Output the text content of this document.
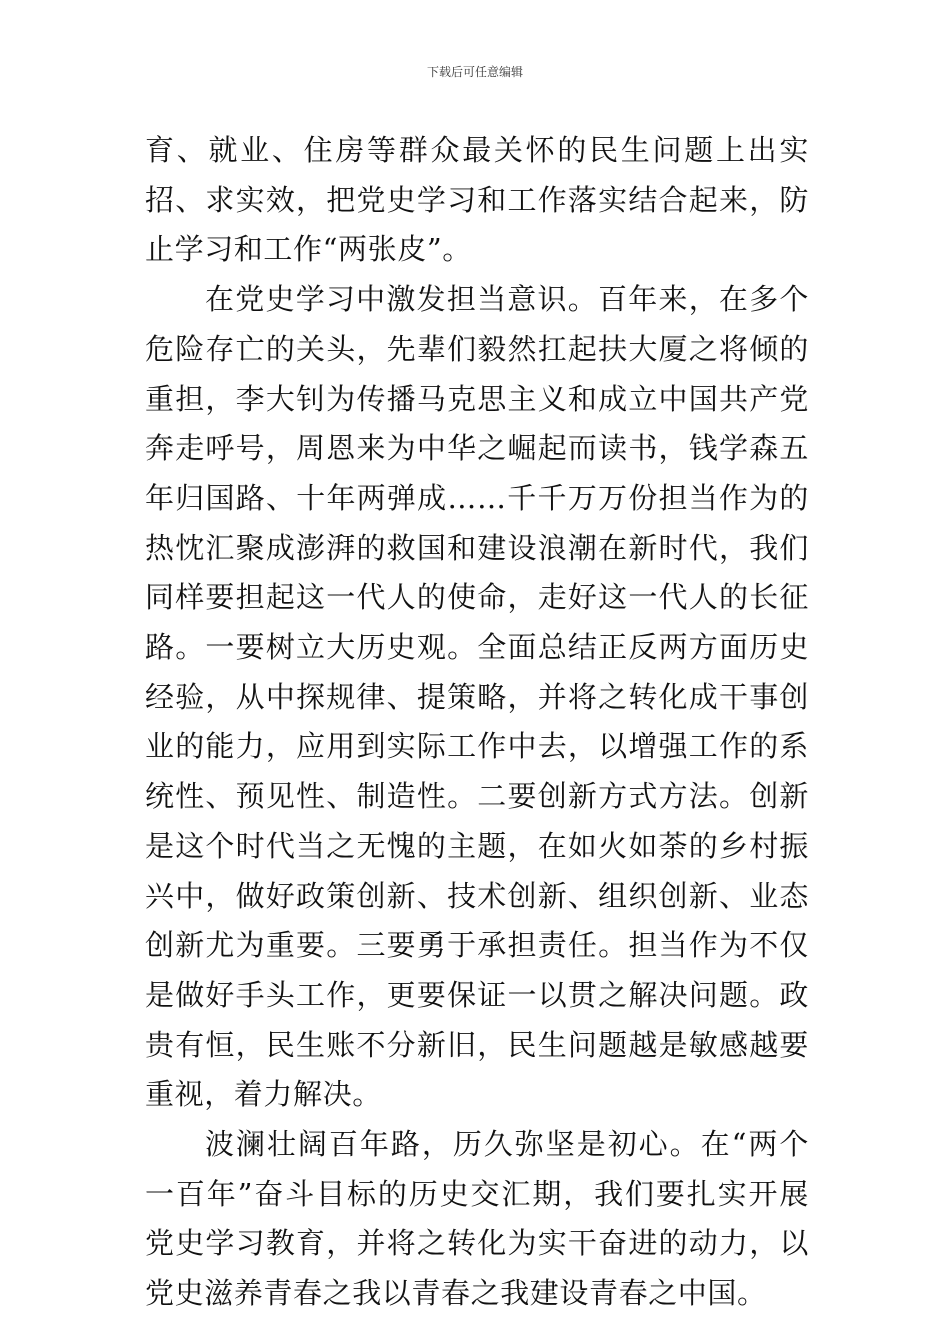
下载后可任意编辑

育、就业、住房等群众最关怀的民生问题上出实招、求实效，把党史学习和工作落实结合起来，防止学习和工作“两张皮”。

在党史学习中激发担当意识。百年来，在多个危险存亡的关头，先辈们毅然扛起扶大厦之将倾的重担，李大钊为传播马克思主义和成立中国共产党奔走呼号，周恩来为中华之崛起而读书，钱学森五年归国路、十年两弹成……千千万万份担当作为的热忱汇聚成澎湃的救国和建设浪潮在新时代，我们同样要担起这一代人的使命，走好这一代人的长征路。一要树立大历史观。全面总结正反两方面历史经验，从中探规律、提策略，并将之转化成干事创业的能力，应用到实际工作中去，以增强工作的系统性、预见性、制造性。二要创新方式方法。创新是这个时代当之无愧的主题，在如火如荼的乡村振兴中，做好政策创新、技术创新、组织创新、业态创新尤为重要。三要勇于承担责任。担当作为不仅是做好手头工作，更要保证一以贯之解决问题。政贵有恒，民生账不分新旧，民生问题越是敏感越要重视，着力解决。

波澜壮阔百年路，历久弥坚是初心。在“两个一百年”奋斗目标的历史交汇期，我们要扎实开展党史学习教育，并将之转化为实干奋进的动力，以党史滋养青春之我以青春之我建设青春之中国。
